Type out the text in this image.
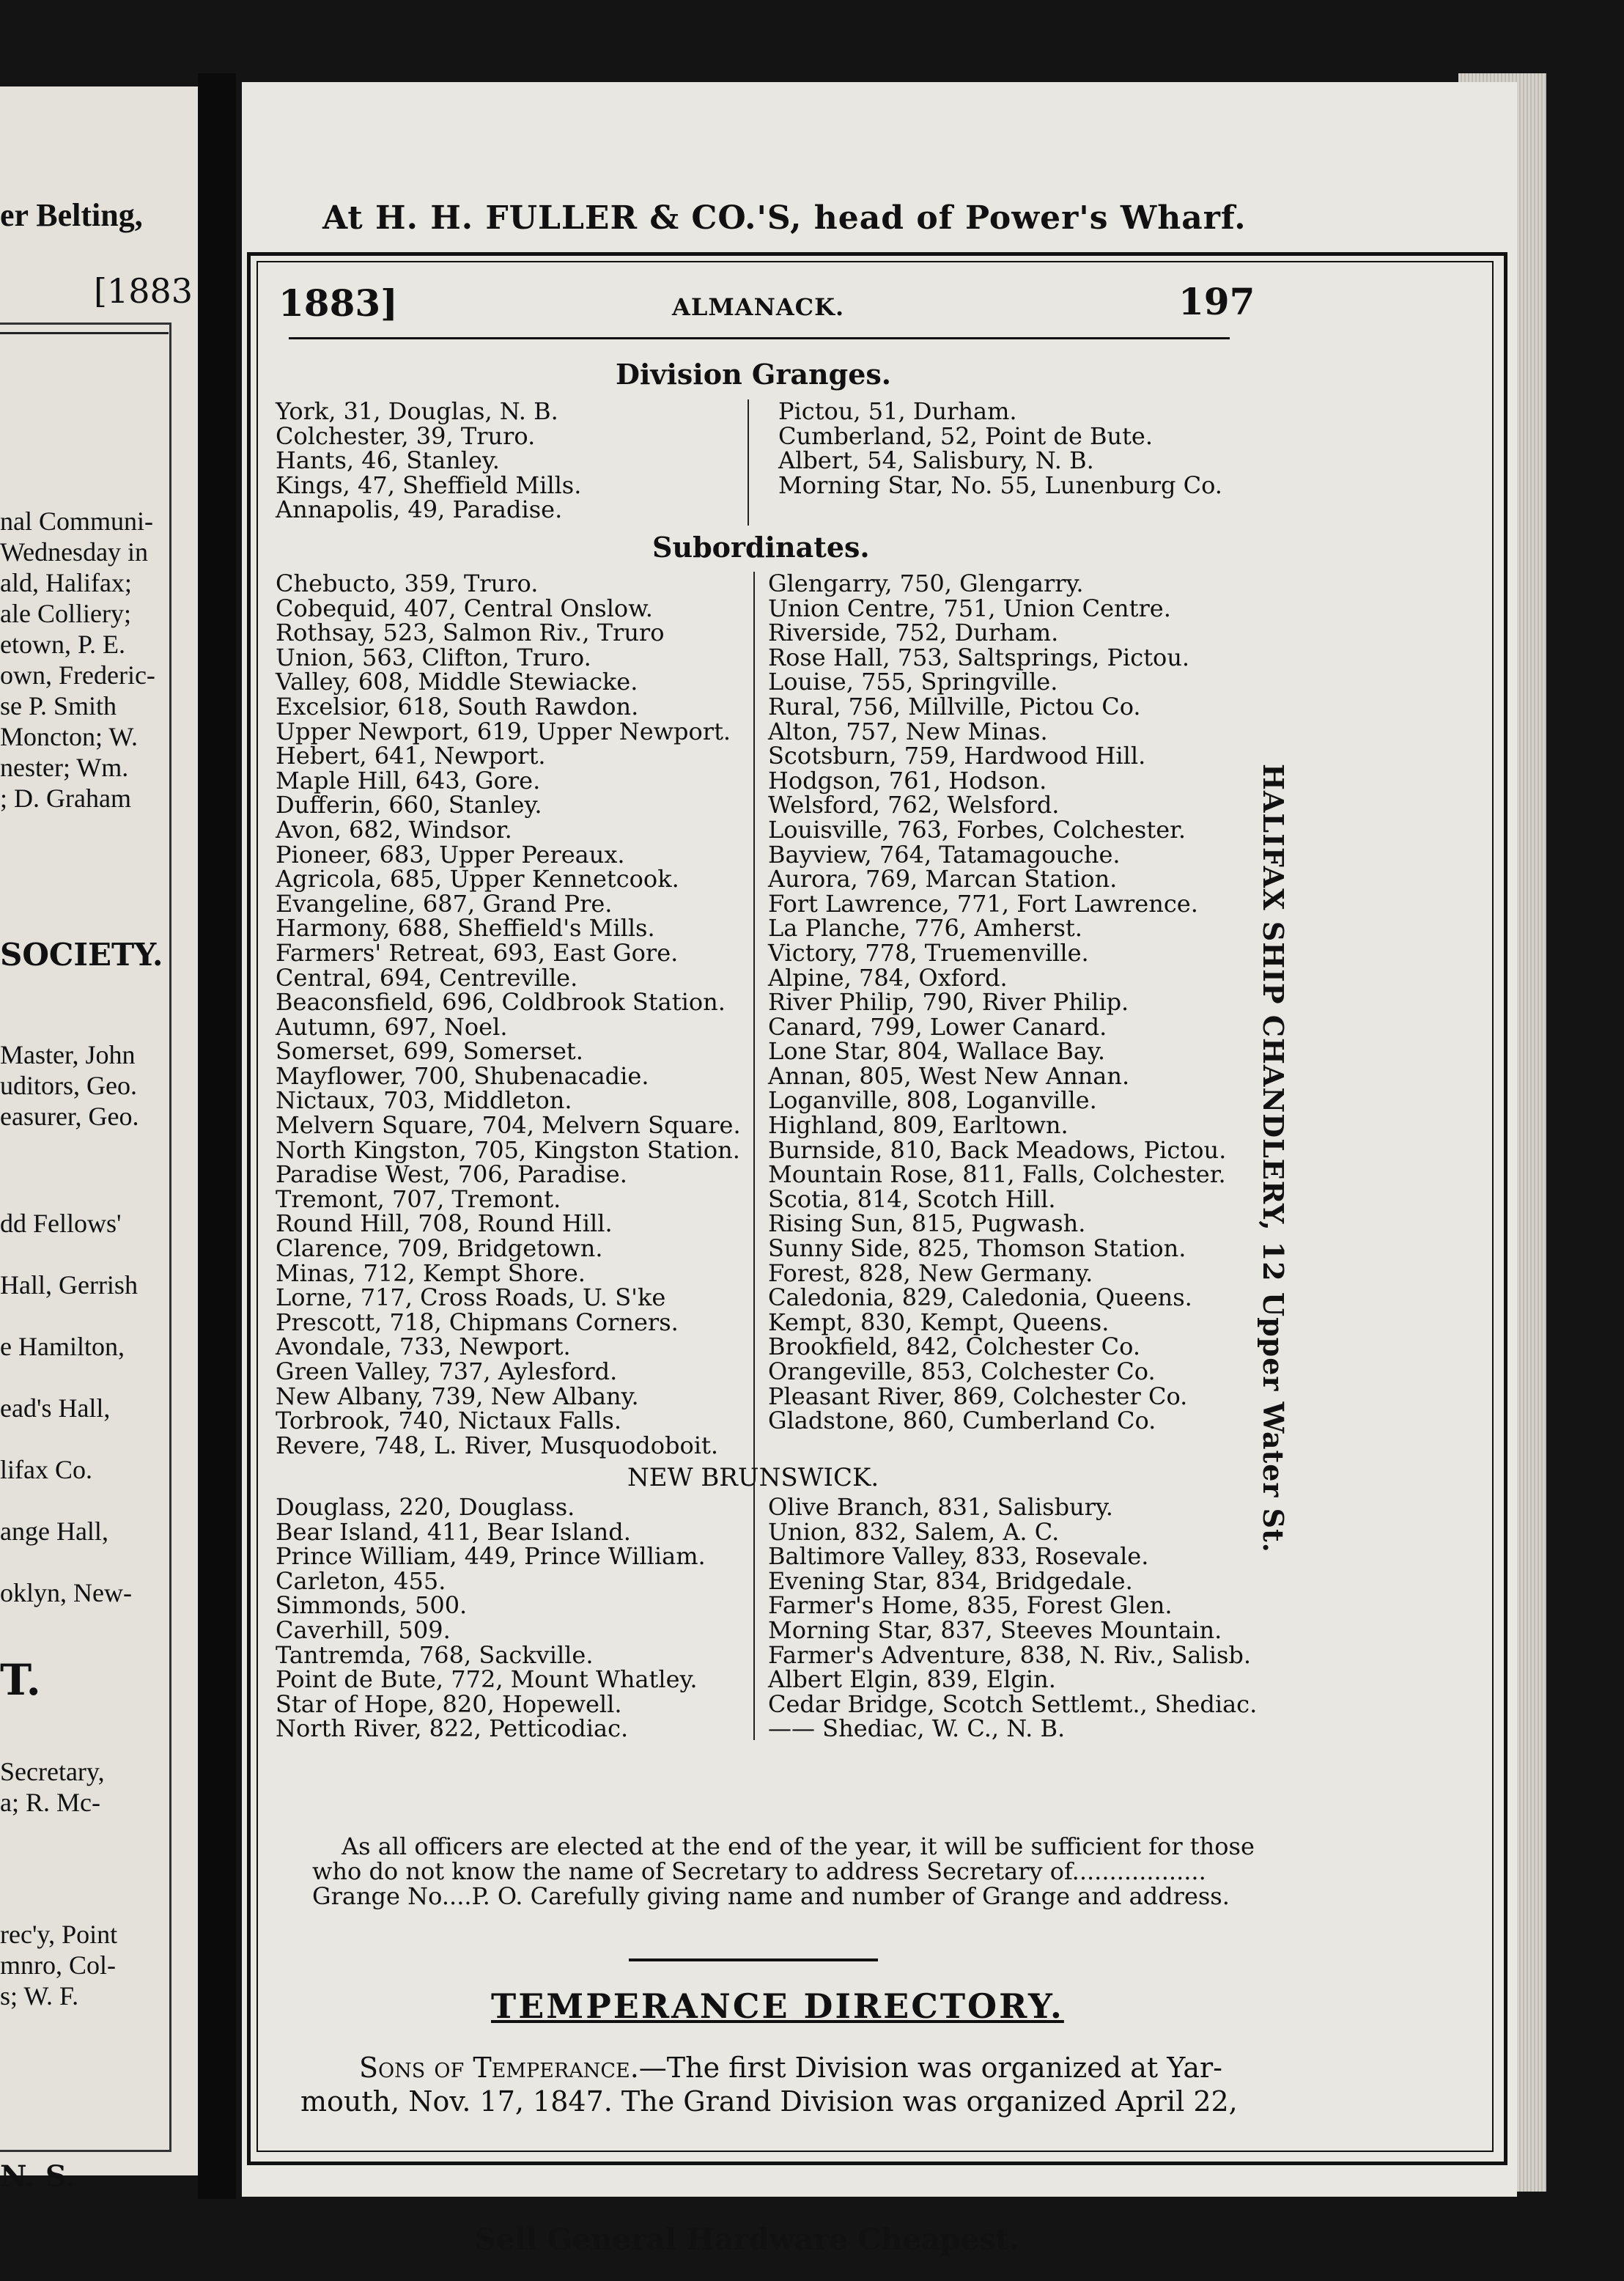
er Belting,
[1883
nal Communi-
Wednesday in
ald, Halifax;
ale Colliery;
etown, P. E.
own, Frederic-
se P. Smith
Moncton; W.
nester; Wm.
; D. Graham
SOCIETY.
Master, John
uditors, Geo.
easurer, Geo.
dd Fellows'
Hall, Gerrish
e Hamilton,
ead's Hall,
lifax Co.
ange Hall,
oklyn, New-
T.
Secretary,
a; R. Mc-
rec'y, Point
mnro, Col-
s; W. F.
N. S.
At H. H. FULLER & CO.'S, head of Power's Wharf.
1883]	ALMANACK.	197
Division Granges.
York, 31, Douglas, N. B.
Colchester, 39, Truro.
Hants, 46, Stanley.
Kings, 47, Sheffield Mills.
Annapolis, 49, Paradise.
Pictou, 51, Durham.
Cumberland, 52, Point de Bute.
Albert, 54, Salisbury, N. B.
Morning Star, No. 55, Lunenburg Co.
Subordinates.
Chebucto, 359, Truro.
Cobequid, 407, Central Onslow.
Rothsay, 523, Salmon Riv., Truro
Union, 563, Clifton, Truro.
Valley, 608, Middle Stewiacke.
Excelsior, 618, South Rawdon.
Upper Newport, 619, Upper Newport.
Hebert, 641, Newport.
Maple Hill, 643, Gore.
Dufferin, 660, Stanley.
Avon, 682, Windsor.
Pioneer, 683, Upper Pereaux.
Agricola, 685, Upper Kennetcook.
Evangeline, 687, Grand Pre.
Harmony, 688, Sheffield's Mills.
Farmers' Retreat, 693, East Gore.
Central, 694, Centreville.
Beaconsfield, 696, Coldbrook Station.
Autumn, 697, Noel.
Somerset, 699, Somerset.
Mayflower, 700, Shubenacadie.
Nictaux, 703, Middleton.
Melvern Square, 704, Melvern Square.
North Kingston, 705, Kingston Station.
Paradise West, 706, Paradise.
Tremont, 707, Tremont.
Round Hill, 708, Round Hill.
Clarence, 709, Bridgetown.
Minas, 712, Kempt Shore.
Lorne, 717, Cross Roads, U. S'ke
Prescott, 718, Chipmans Corners.
Avondale, 733, Newport.
Green Valley, 737, Aylesford.
New Albany, 739, New Albany.
Torbrook, 740, Nictaux Falls.
Revere, 748, L. River, Musquodoboit.
Glengarry, 750, Glengarry.
Union Centre, 751, Union Centre.
Riverside, 752, Durham.
Rose Hall, 753, Saltsprings, Pictou.
Louise, 755, Springville.
Rural, 756, Millville, Pictou Co.
Alton, 757, New Minas.
Scotsburn, 759, Hardwood Hill.
Hodgson, 761, Hodson.
Welsford, 762, Welsford.
Louisville, 763, Forbes, Colchester.
Bayview, 764, Tatamagouche.
Aurora, 769, Marcan Station.
Fort Lawrence, 771, Fort Lawrence.
La Planche, 776, Amherst.
Victory, 778, Truemenville.
Alpine, 784, Oxford.
River Philip, 790, River Philip.
Canard, 799, Lower Canard.
Lone Star, 804, Wallace Bay.
Annan, 805, West New Annan.
Loganville, 808, Loganville.
Highland, 809, Earltown.
Burnside, 810, Back Meadows, Pictou.
Mountain Rose, 811, Falls, Colchester.
Scotia, 814, Scotch Hill.
Rising Sun, 815, Pugwash.
Sunny Side, 825, Thomson Station.
Forest, 828, New Germany.
Caledonia, 829, Caledonia, Queens.
Kempt, 830, Kempt, Queens.
Brookfield, 842, Colchester Co.
Orangeville, 853, Colchester Co.
Pleasant River, 869, Colchester Co.
Gladstone, 860, Cumberland Co.
NEW BRUNSWICK.
Douglass, 220, Douglass.
Bear Island, 411, Bear Island.
Prince William, 449, Prince William.
Carleton, 455.
Simmonds, 500.
Caverhill, 509.
Tantremda, 768, Sackville.
Point de Bute, 772, Mount Whatley.
Star of Hope, 820, Hopewell.
North River, 822, Petticodiac.
Olive Branch, 831, Salisbury.
Union, 832, Salem, A. C.
Baltimore Valley, 833, Rosevale.
Evening Star, 834, Bridgedale.
Farmer's Home, 835, Forest Glen.
Morning Star, 837, Steeves Mountain.
Farmer's Adventure, 838, N. Riv., Salisb.
Albert Elgin, 839, Elgin.
Cedar Bridge, Scotch Settlemt., Shediac.
—— Shediac, W. C., N. B.
As all officers are elected at the end of the year, it will be sufficient for those
who do not know the name of Secretary to address Secretary of..................
Grange No....P. O. Carefully giving name and number of Grange and address.
TEMPERANCE DIRECTORY.
Sons of Temperance.—The first Division was organized at Yar-
mouth, Nov. 17, 1847. The Grand Division was organized April 22,
HALIFAX SHIP CHANDLERY, 12 Upper Water St.
Sell General Hardware Cheapest.
